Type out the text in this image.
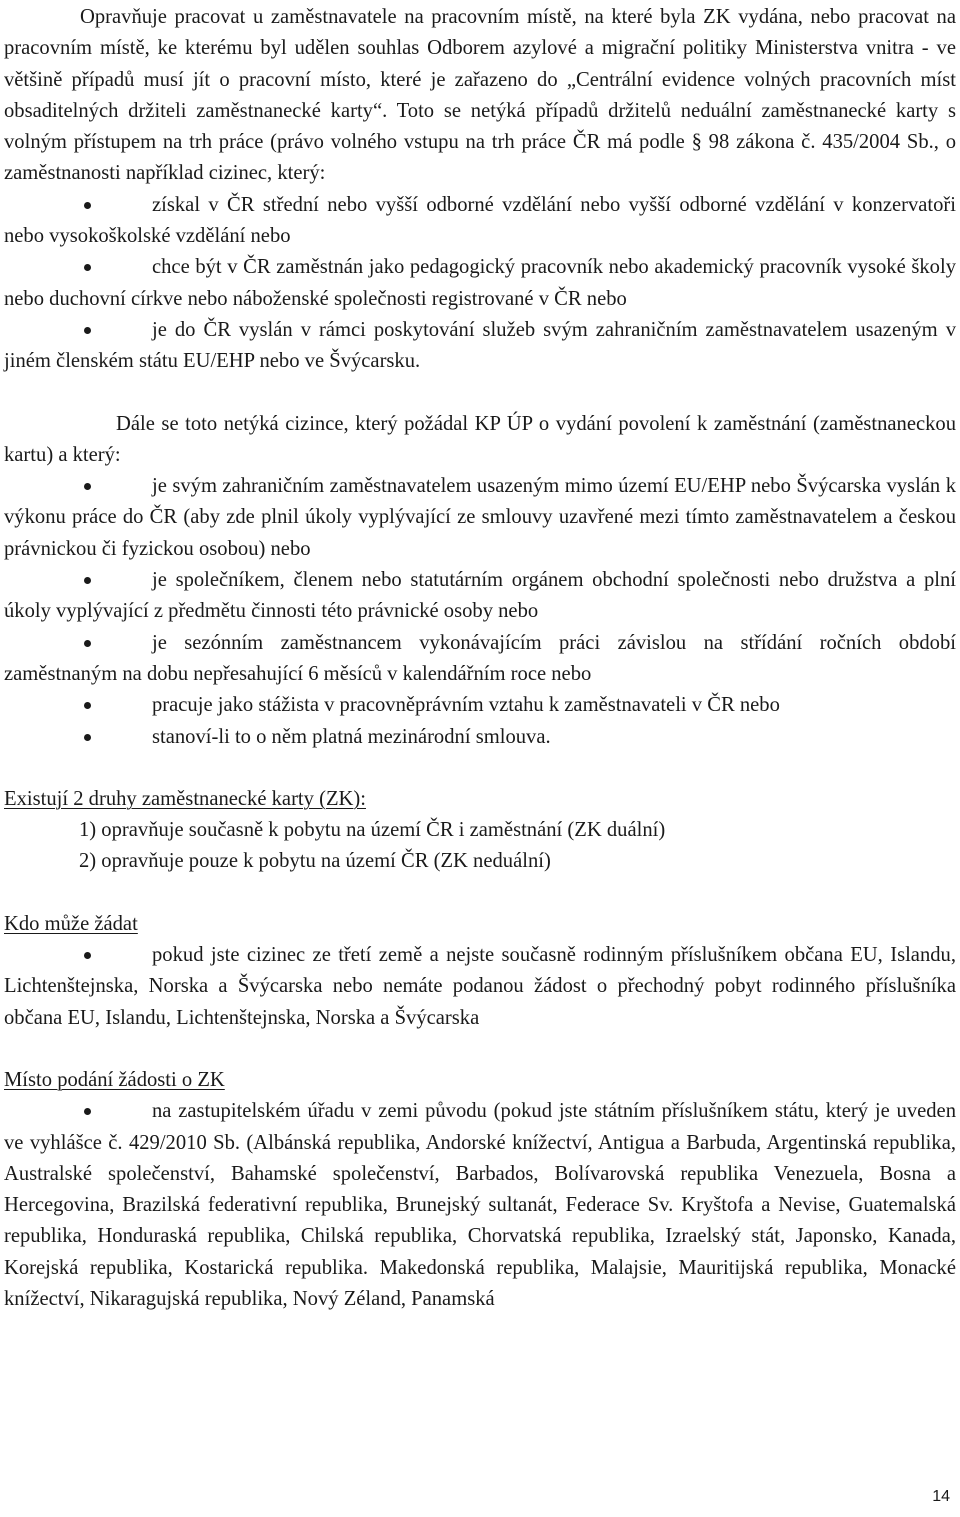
Opravňuje pracovat u zaměstnavatele na pracovním místě, na které byla ZK vydána, nebo pracovat na pracovním místě, ke kterému byl udělen souhlas Odborem azylové a migrační politiky Ministerstva vnitra - ve většině případů musí jít o pracovní místo, které je zařazeno do „Centrální evidence volných pracovních míst obsaditelných držiteli zaměstnanecké karty“. Toto se netýká případů držitelů neduální zaměstnanecké karty s volným přístupem na trh práce (právo volného vstupu na trh práce ČR má podle § 98 zákona č. 435/2004 Sb., o zaměstnanosti například cizinec, který:

získal v ČR střední nebo vyšší odborné vzdělání nebo vyšší odborné vzdělání v konzervatoři nebo vysokoškolské vzdělání nebo

chce být v ČR zaměstnán jako pedagogický pracovník nebo akademický pracovník vysoké školy nebo duchovní církve nebo náboženské společnosti registrované v ČR nebo

je do ČR vyslán v rámci poskytování služeb svým zahraničním zaměstnavatelem usazeným v jiném členském státu EU/EHP nebo ve Švýcarsku.

Dále se toto netýká cizince, který požádal KP ÚP o vydání povolení k zaměstnání (zaměstnaneckou kartu) a který:

je svým zahraničním zaměstnavatelem usazeným mimo území EU/EHP nebo Švýcarska vyslán k výkonu práce do ČR (aby zde plnil úkoly vyplývající ze smlouvy uzavřené mezi tímto zaměstnavatelem a českou právnickou či fyzickou osobou) nebo

je společníkem, členem nebo statutárním orgánem obchodní společnosti nebo družstva a plní úkoly vyplývající z předmětu činnosti této právnické osoby nebo

je sezónním zaměstnancem vykonávajícím práci závislou na střídání ročních období zaměstnaným na dobu nepřesahující 6 měsíců v kalendářním roce nebo

pracuje jako stážista v pracovněprávním vztahu k zaměstnavateli v ČR nebo

stanoví-li to o něm platná mezinárodní smlouva.

Existují 2 druhy zaměstnanecké karty (ZK):

1) opravňuje současně k pobytu na území ČR i zaměstnání (ZK duální)

2) opravňuje pouze k pobytu na území ČR (ZK neduální)

Kdo může žádat

pokud jste cizinec ze třetí země a nejste současně rodinným příslušníkem občana EU, Islandu, Lichtenštejnska, Norska a Švýcarska nebo nemáte podanou žádost o přechodný pobyt rodinného příslušníka občana EU, Islandu, Lichtenštejnska, Norska a Švýcarska

Místo podání žádosti o ZK

na zastupitelském úřadu v zemi původu (pokud jste státním příslušníkem státu, který je uveden ve vyhlášce č. 429/2010 Sb. (Albánská republika, Andorské knížectví, Antigua a Barbuda, Argentinská republika, Australské společenství, Bahamské společenství, Barbados, Bolívarovská republika Venezuela, Bosna a Hercegovina, Brazilská federativní republika, Brunejský sultanát, Federace Sv. Kryštofa a Nevise, Guatemalská republika, Honduraská republika, Chilská republika, Chorvatská republika, Izraelský stát, Japonsko, Kanada, Korejská republika, Kostarická republika. Makedonská republika, Malajsie, Mauritijská republika, Monacké knížectví, Nikaragujská republika, Nový Zéland, Panamská

14
